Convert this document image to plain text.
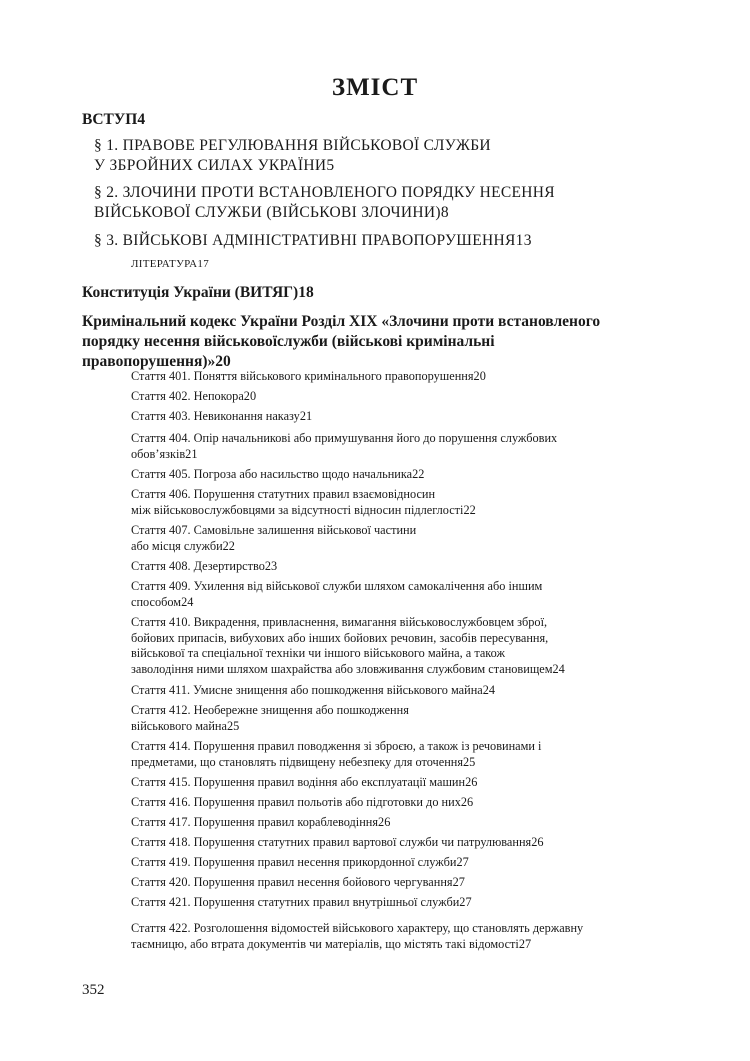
ЗМІСТ
ВСТУП 4
§ 1. ПРАВОВЕ РЕГУЛЮВАННЯ ВІЙСЬКОВОЇ СЛУЖБИ
У ЗБРОЙНИХ СИЛАХ УКРАЇНИ 5
§ 2. ЗЛОЧИНИ ПРОТИ ВСТАНОВЛЕНОГО ПОРЯДКУ НЕСЕННЯ
ВІЙСЬКОВОЇ СЛУЖБИ (ВІЙСЬКОВІ ЗЛОЧИНИ) 8
§ 3. ВІЙСЬКОВІ АДМІНІСТРАТИВНІ ПРАВОПОРУШЕННЯ 13
ЛІТЕРАТУРА 17
Конституція України (ВИТЯГ) 18
Кримінальний кодекс України Розділ XIX «Злочини проти встановленого
порядку несення військовоїслужби (військові кримінальні
правопорушення)» 20
Стаття 401. Поняття військового кримінального правопорушення 20
Стаття 402. Непокора 20
Стаття 403. Невиконання наказу 21
Стаття 404. Опір начальникові або примушування його до порушення службових
обов’язків 21
Стаття 405. Погроза або насильство щодо начальника 22
Стаття 406. Порушення статутних правил взаємовідносин
між військовослужбовцями за відсутності відносин підлеглості 22
Стаття 407. Самовільне залишення військової частини
або місця служби 22
Стаття 408. Дезертирство 23
Стаття 409. Ухилення від військової служби шляхом самокалічення або іншим
способом 24
Стаття 410. Викрадення, привласнення, вимагання військовослужбовцем зброї,
бойових припасів, вибухових або інших бойових речовин, засобів пересування,
військової та спеціальної техніки чи іншого військового майна, а також
заволодіння ними шляхом шахрайства або зловживання службовим становищем 24
Стаття 411. Умисне знищення або пошкодження військового майна 24
Стаття 412. Необережне знищення або пошкодження
військового майна 25
Стаття 414. Порушення правил поводження зі зброєю, а також із речовинами і
предметами, що становлять підвищену небезпеку для оточення 25
Стаття 415. Порушення правил водіння або експлуатації машин 26
Стаття 416. Порушення правил польотів або підготовки до них 26
Стаття 417. Порушення правил кораблеводіння 26
Стаття 418. Порушення статутних правил вартової служби чи патрулювання 26
Стаття 419. Порушення правил несення прикордонної служби 27
Стаття 420. Порушення правил несення бойового чергування 27
Стаття 421. Порушення статутних правил внутрішньої служби 27
Стаття 422. Розголошення відомостей військового характеру, що становлять державну
таємницю, або втрата документів чи матеріалів, що містять такі відомості 27
352
